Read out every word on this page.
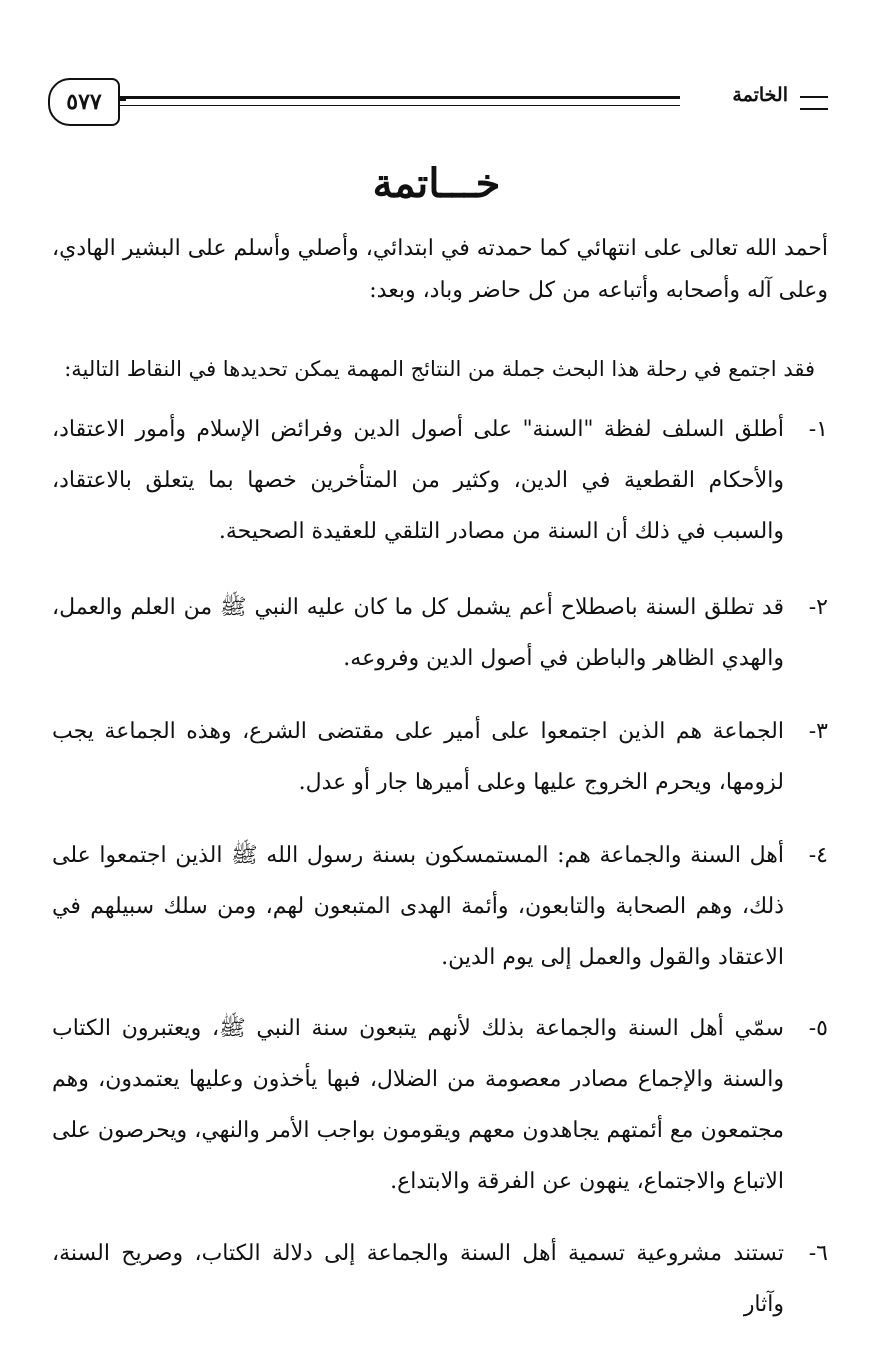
الخاتمة
٥٧٧
خـــاتمة
أحمد الله تعالى على انتهائي كما حمدته في ابتدائي، وأصلي وأسلم على البشير الهادي، وعلى آله وأصحابه وأتباعه من كل حاضر وباد، وبعد:
فقد اجتمع في رحلة هذا البحث جملة من النتائج المهمة يمكن تحديدها في النقاط التالية:
١-
أطلق السلف لفظة "السنة" على أصول الدين وفرائض الإسلام وأمور الاعتقاد، والأحكام القطعية في الدين، وكثير من المتأخرين خصها بما يتعلق بالاعتقاد، والسبب في ذلك أن السنة من مصادر التلقي للعقيدة الصحيحة.
٢-
قد تطلق السنة باصطلاح أعم يشمل كل ما كان عليه النبي ﷺ من العلم والعمل، والهدي الظاهر والباطن في أصول الدين وفروعه.
٣-
الجماعة هم الذين اجتمعوا على أمير على مقتضى الشرع، وهذه الجماعة يجب لزومها، ويحرم الخروج عليها وعلى أميرها جار أو عدل.
٤-
أهل السنة والجماعة هم: المستمسكون بسنة رسول الله ﷺ الذين اجتمعوا على ذلك، وهم الصحابة والتابعون، وأئمة الهدى المتبعون لهم، ومن سلك سبيلهم في الاعتقاد والقول والعمل إلى يوم الدين.
٥-
سمّي أهل السنة والجماعة بذلك لأنهم يتبعون سنة النبي ﷺ، ويعتبرون الكتاب والسنة والإجماع مصادر معصومة من الضلال، فبها يأخذون وعليها يعتمدون، وهم مجتمعون مع أئمتهم يجاهدون معهم ويقومون بواجب الأمر والنهي، ويحرصون على الاتباع والاجتماع، ينهون عن الفرقة والابتداع.
٦-
تستند مشروعية تسمية أهل السنة والجماعة إلى دلالة الكتاب، وصريح السنة، وآثار
